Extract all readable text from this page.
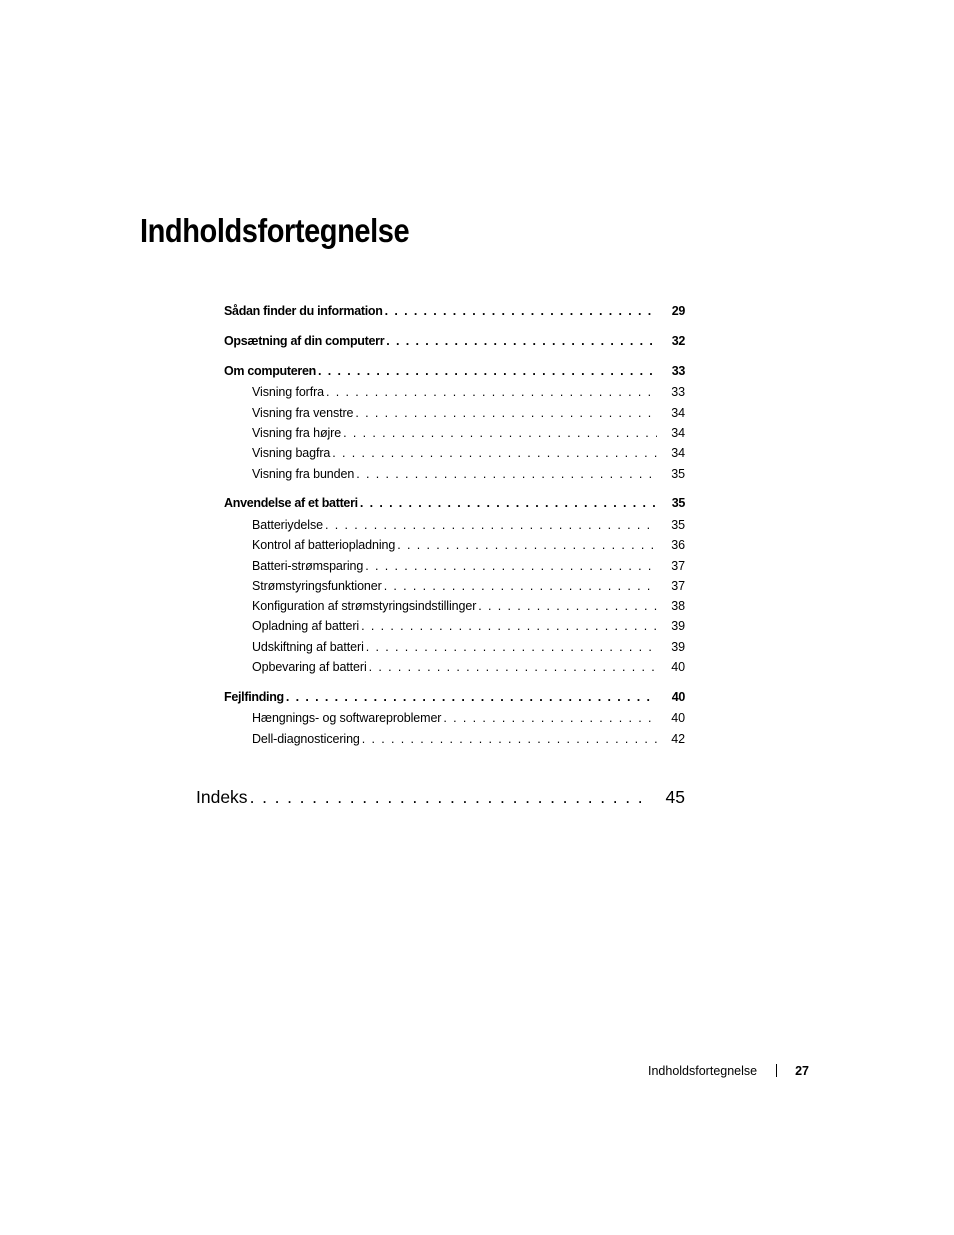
Indholdsfortegnelse
Sådan finder du information . . .	29
Opsætning af din computerr . . .	32
Om computeren . . .	33
Visning forfra . . .	33
Visning fra venstre . . .	34
Visning fra højre . . .	34
Visning bagfra . . .	34
Visning fra bunden . . .	35
Anvendelse af et batteri . . .	35
Batteriydelse . . .	35
Kontrol af batteriopladning . . .	36
Batteri-strømsparing . . .	37
Strømstyringsfunktioner . . .	37
Konfiguration af strømstyringsindstillinger . . .	38
Opladning af batteri . . .	39
Udskiftning af batteri . . .	39
Opbevaring af batteri . . .	40
Fejlfinding . . .	40
Hængnings- og softwareproblemer . . .	40
Dell-diagnosticering . . .	42
Indeks . . .	45
Indholdsfortegnelse	27
